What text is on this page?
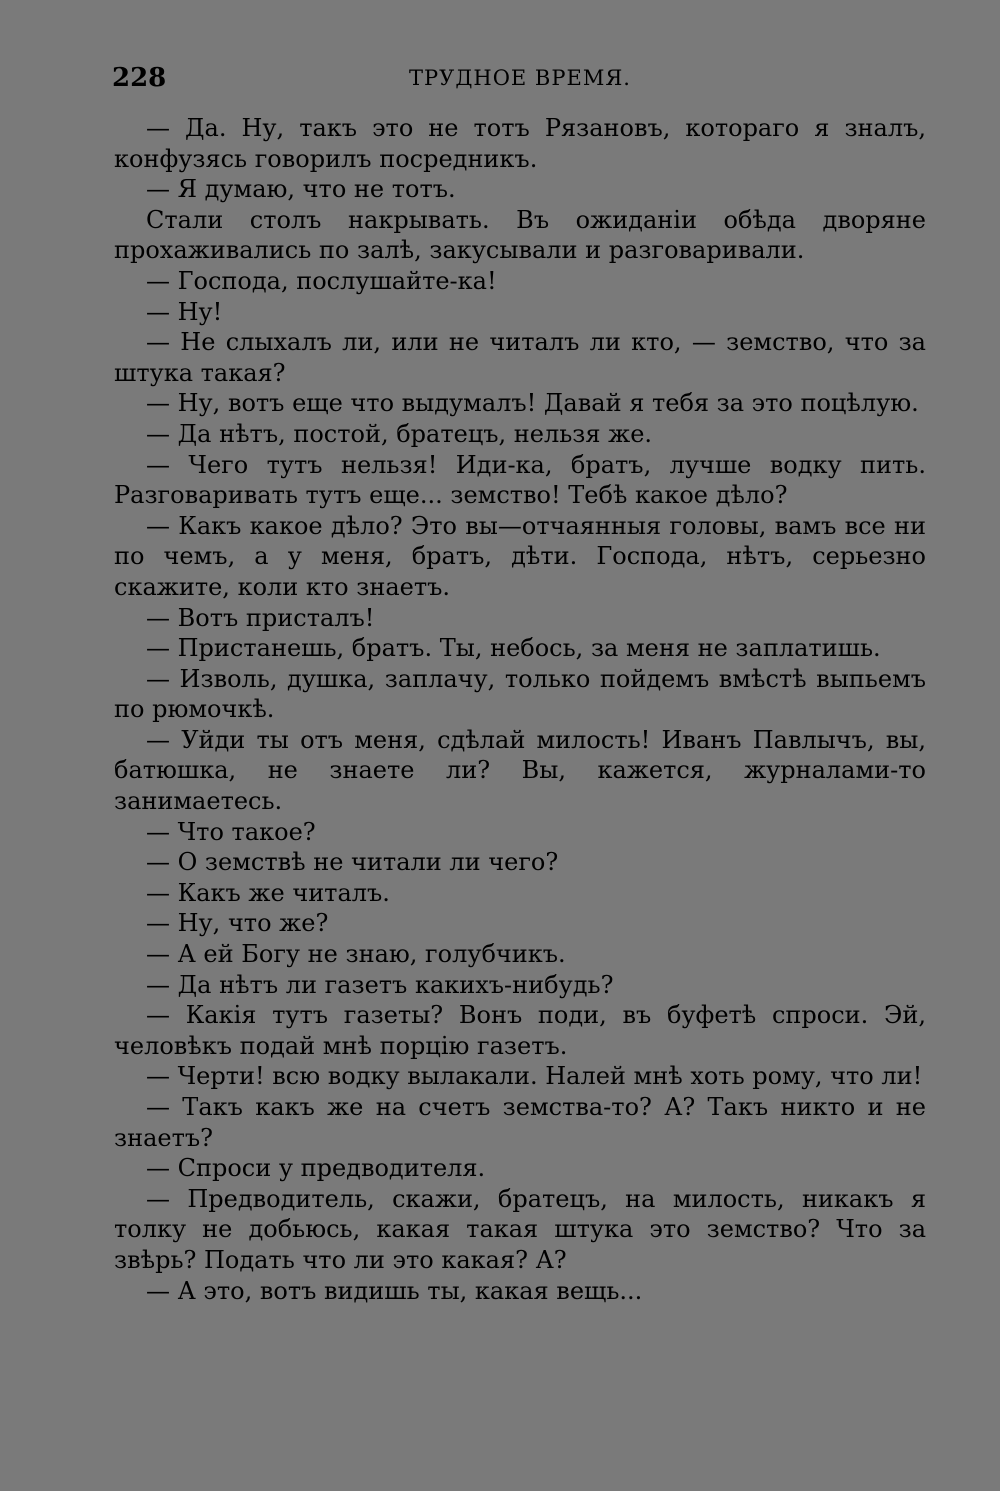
228	ТРУДНОЕ ВРЕМЯ.

— Да. Ну, такъ это не тотъ Рязановъ, котораго я зналъ, конфузясь говорилъ посредникъ.

— Я думаю, что не тотъ.

Стали столъ накрывать. Въ ожиданіи обѣда дворяне прохаживались по залѣ, закусывали и разговаривали.

— Господа, послушайте-ка!

— Ну!

— Не слыхалъ ли, или не читалъ ли кто, — земство, что за штука такая?

— Ну, вотъ еще что выдумалъ! Давай я тебя за это поцѣлую.

— Да нѣтъ, постой, братецъ, нельзя же.

— Чего тутъ нельзя! Иди-ка, братъ, лучше водку пить. Разговаривать тутъ еще... земство! Тебѣ какое дѣло?

— Какъ какое дѣло? Это вы—отчаянныя головы, вамъ все ни по чемъ, а у меня, братъ, дѣти. Господа, нѣтъ, серьезно скажите, коли кто знаетъ.

— Вотъ присталъ!

— Пристанешь, братъ. Ты, небось, за меня не заплатишь.

— Изволь, душка, заплачу, только пойдемъ вмѣстѣ выпьемъ по рюмочкѣ.

— Уйди ты отъ меня, сдѣлай милость! Иванъ Павлычъ, вы, батюшка, не знаете ли? Вы, кажется, журналами-то занимаетесь.

— Что такое?

— О земствѣ не читали ли чего?

— Какъ же читалъ.

— Ну, что же?

— А ей Богу не знаю, голубчикъ.

— Да нѣтъ ли газетъ какихъ-нибудь?

— Какія тутъ газеты? Вонъ поди, въ буфетѣ спроси. Эй, человѣкъ подай мнѣ порцію газетъ.

— Черти! всю водку вылакали. Налей мнѣ хоть рому, что ли!

— Такъ какъ же на счетъ земства-то? А? Такъ никто и не знаетъ?

— Спроси у предводителя.

— Предводитель, скажи, братецъ, на милость, никакъ я толку не добьюсь, какая такая штука это земство? Что за звѣрь? Подать что ли это какая? А?

— А это, вотъ видишь ты, какая вещь...
